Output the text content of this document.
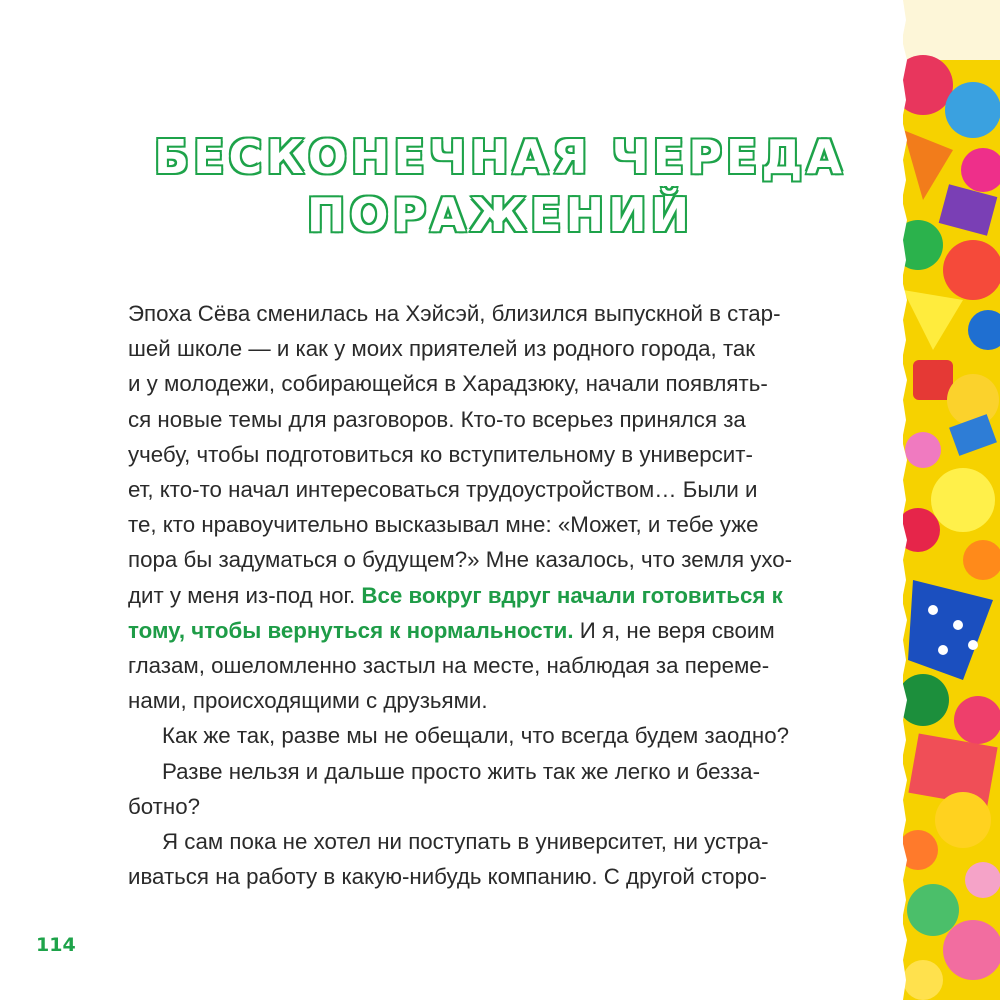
БЕСКОНЕЧНАЯ ЧЕРЕДА
ПОРАЖЕНИЙ
Эпоха Сёва сменилась на Хэйсэй, близился выпускной в стар-
шей школе — и как у моих приятелей из родного города, так
и у молодежи, собирающейся в Харадзюку, начали появлять-
ся новые темы для разговоров. Кто-то всерьез принялся за
учебу, чтобы подготовиться ко вступительному в университ-
ет, кто-то начал интересоваться трудоустройством… Были и
те, кто нравоучительно высказывал мне: «Может, и тебе уже
пора бы задуматься о будущем?» Мне казалось, что земля ухо-
дит у меня из-под ног. Все вокруг вдруг начали готовиться к
тому, чтобы вернуться к нормальности. И я, не веря своим
глазам, ошеломленно застыл на месте, наблюдая за переме-
нами, происходящими с друзьями.
Как же так, разве мы не обещали, что всегда будем заодно?
Разве нельзя и дальше просто жить так же легко и безза-
ботно?
Я сам пока не хотел ни поступать в университет, ни устра-
иваться на работу в какую-нибудь компанию. С другой сторо-
114
